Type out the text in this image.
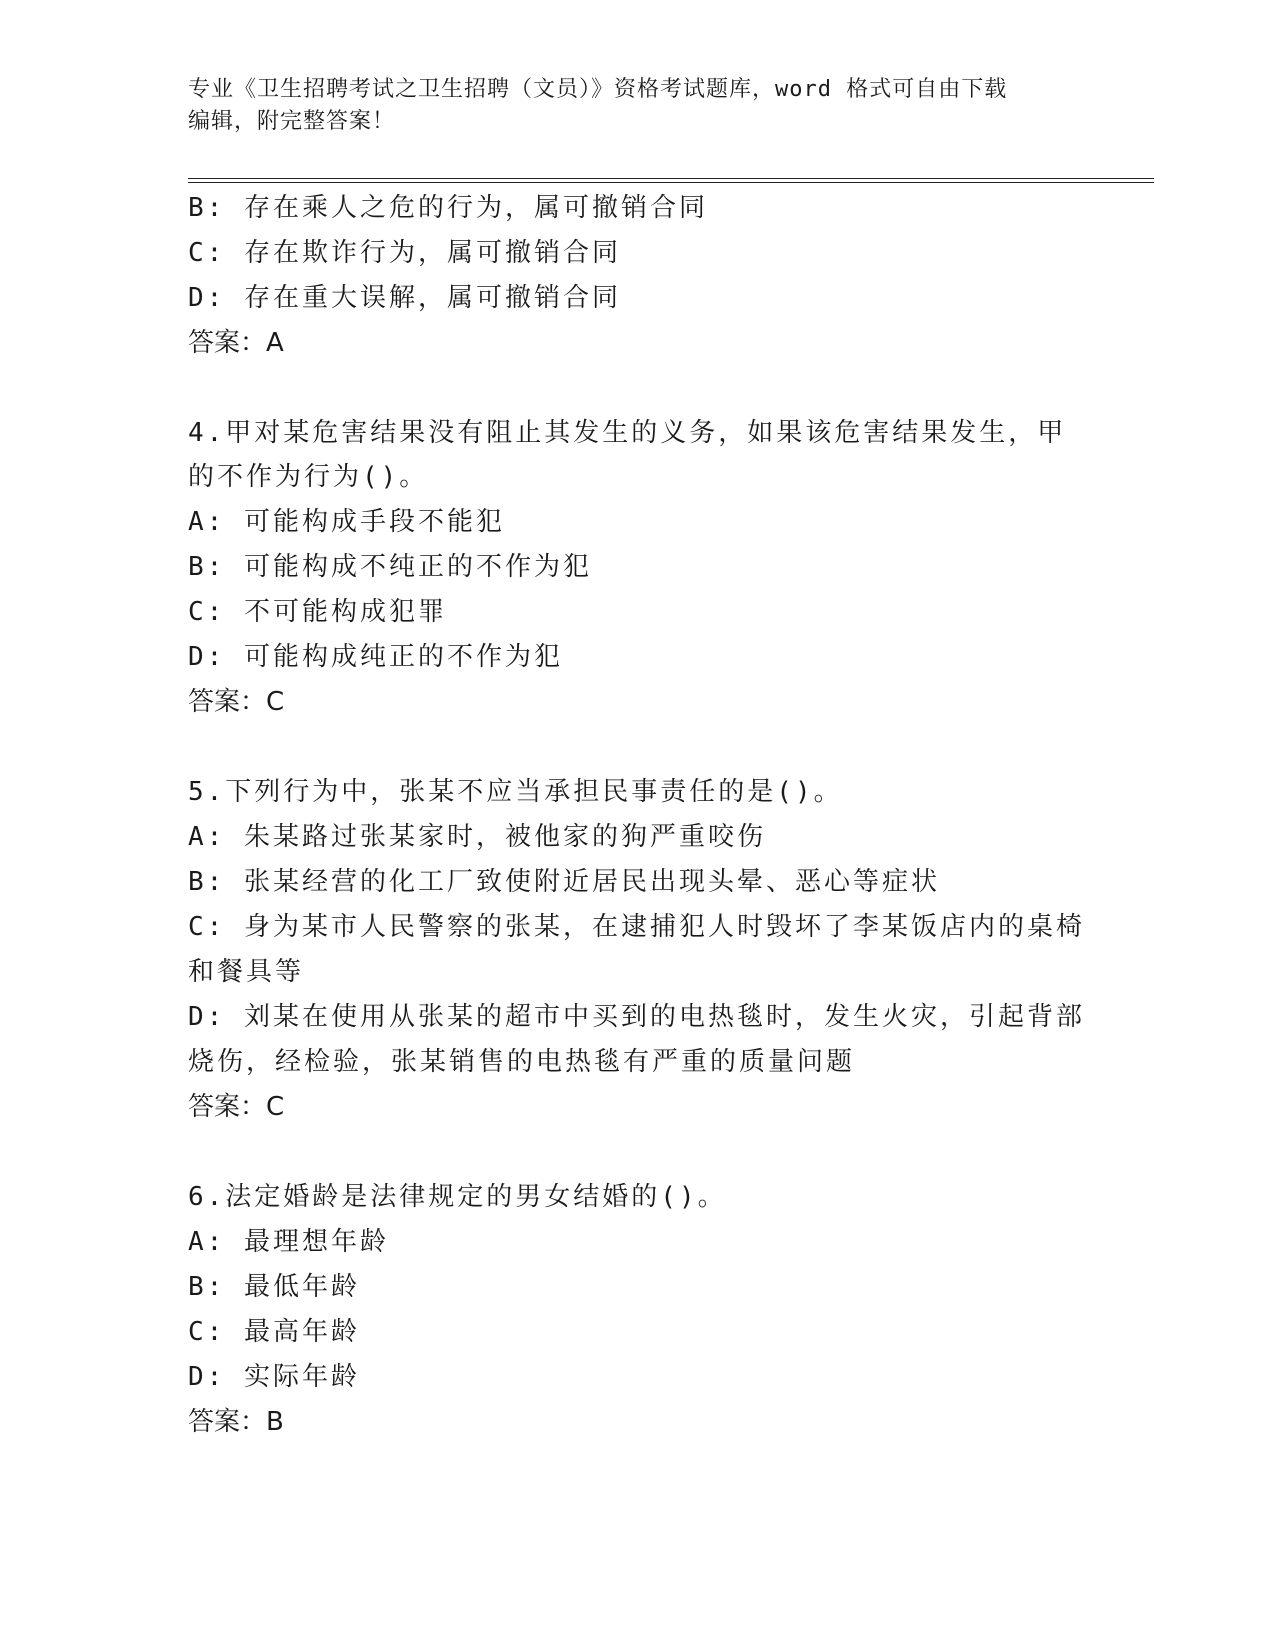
专业《卫生招聘考试之卫生招聘（文员）》资格考试题库，word 格式可自由下载
编辑，附完整答案！
B: 存在乘人之危的行为，属可撤销合同
C: 存在欺诈行为，属可撤销合同
D: 存在重大误解，属可撤销合同
答案：A
4.甲对某危害结果没有阻止其发生的义务，如果该危害结果发生，甲
的不作为行为()。
A: 可能构成手段不能犯
B: 可能构成不纯正的不作为犯
C: 不可能构成犯罪
D: 可能构成纯正的不作为犯
答案：C
5.下列行为中，张某不应当承担民事责任的是()。
A: 朱某路过张某家时，被他家的狗严重咬伤
B: 张某经营的化工厂致使附近居民出现头晕、恶心等症状
C: 身为某市人民警察的张某，在逮捕犯人时毁坏了李某饭店内的桌椅
和餐具等
D: 刘某在使用从张某的超市中买到的电热毯时，发生火灾，引起背部
烧伤，经检验，张某销售的电热毯有严重的质量问题
答案：C
6.法定婚龄是法律规定的男女结婚的()。
A: 最理想年龄
B: 最低年龄
C: 最高年龄
D: 实际年龄
答案：B
